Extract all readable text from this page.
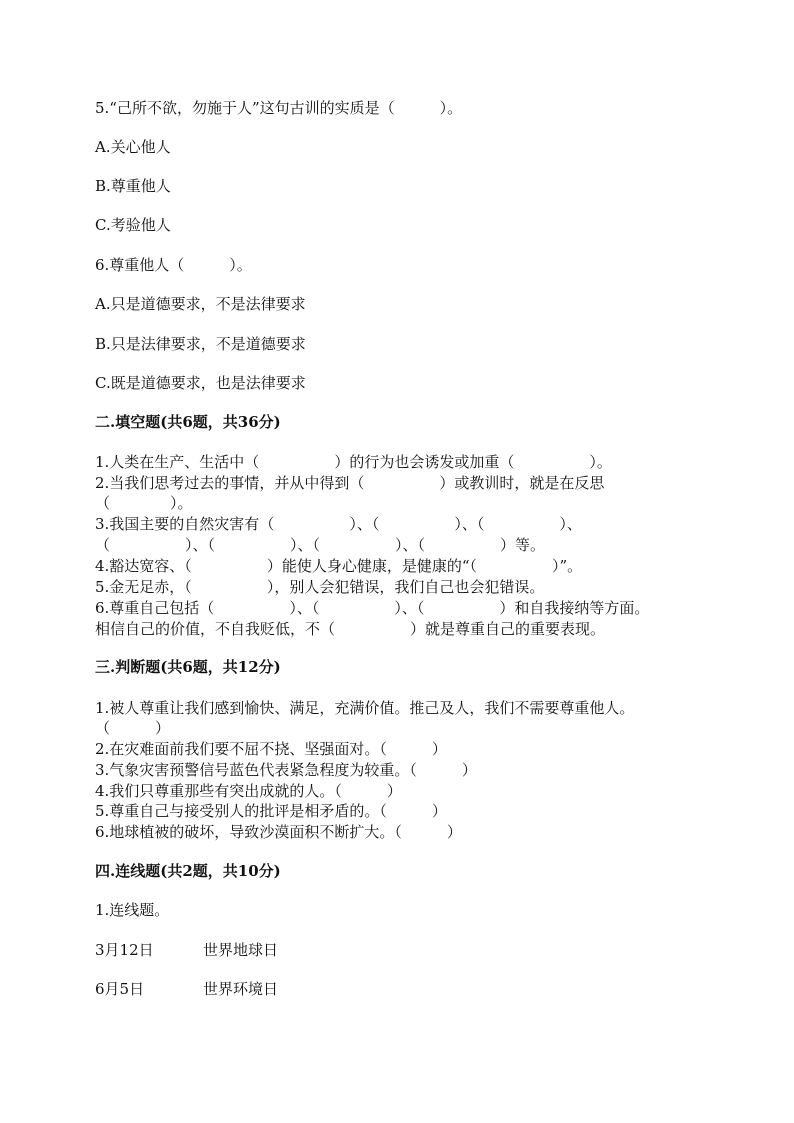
5.“己所不欲，勿施于人”这句古训的实质是（　　　）。

A.关心他人

B.尊重他人

C.考验他人

6.尊重他人（　　　）。

A.只是道德要求，不是法律要求

B.只是法律要求，不是道德要求

C.既是道德要求，也是法律要求

二.填空题(共6题，共36分)

1.人类在生产、生活中（　　　　　）的行为也会诱发或加重（　　　　　）。

2.当我们思考过去的事情，并从中得到（　　　　　）或教训时，就是在反思

（　　　　）。

3.我国主要的自然灾害有（　　　　　）、（　　　　　）、（　　　　　）、

（　　　　　）、（　　　　　）、（　　　　　）、（　　　　　）等。

4.豁达宽容、（　　　　　）能使人身心健康，是健康的“（　　　　　）”。

5.金无足赤，（　　　　　），别人会犯错误，我们自己也会犯错误。

6.尊重自己包括（　　　　　）、（　　　　　）、（　　　　　）和自我接纳等方面。

相信自己的价值，不自我贬低，不（　　　　　）就是尊重自己的重要表现。

三.判断题(共6题，共12分)

1.被人尊重让我们感到愉快、满足，充满价值。推己及人，我们不需要尊重他人。

（　　　）

2.在灾难面前我们要不屈不挠、坚强面对。（　　　）

3.气象灾害预警信号蓝色代表紧急程度为较重。（　　　）

4.我们只尊重那些有突出成就的人。（　　　）

5.尊重自己与接受别人的批评是相矛盾的。（　　　）

6.地球植被的破坏，导致沙漠面积不断扩大。（　　　）

四.连线题(共2题，共10分)

1.连线题。

3月12日	世界地球日
6月5日	世界环境日
